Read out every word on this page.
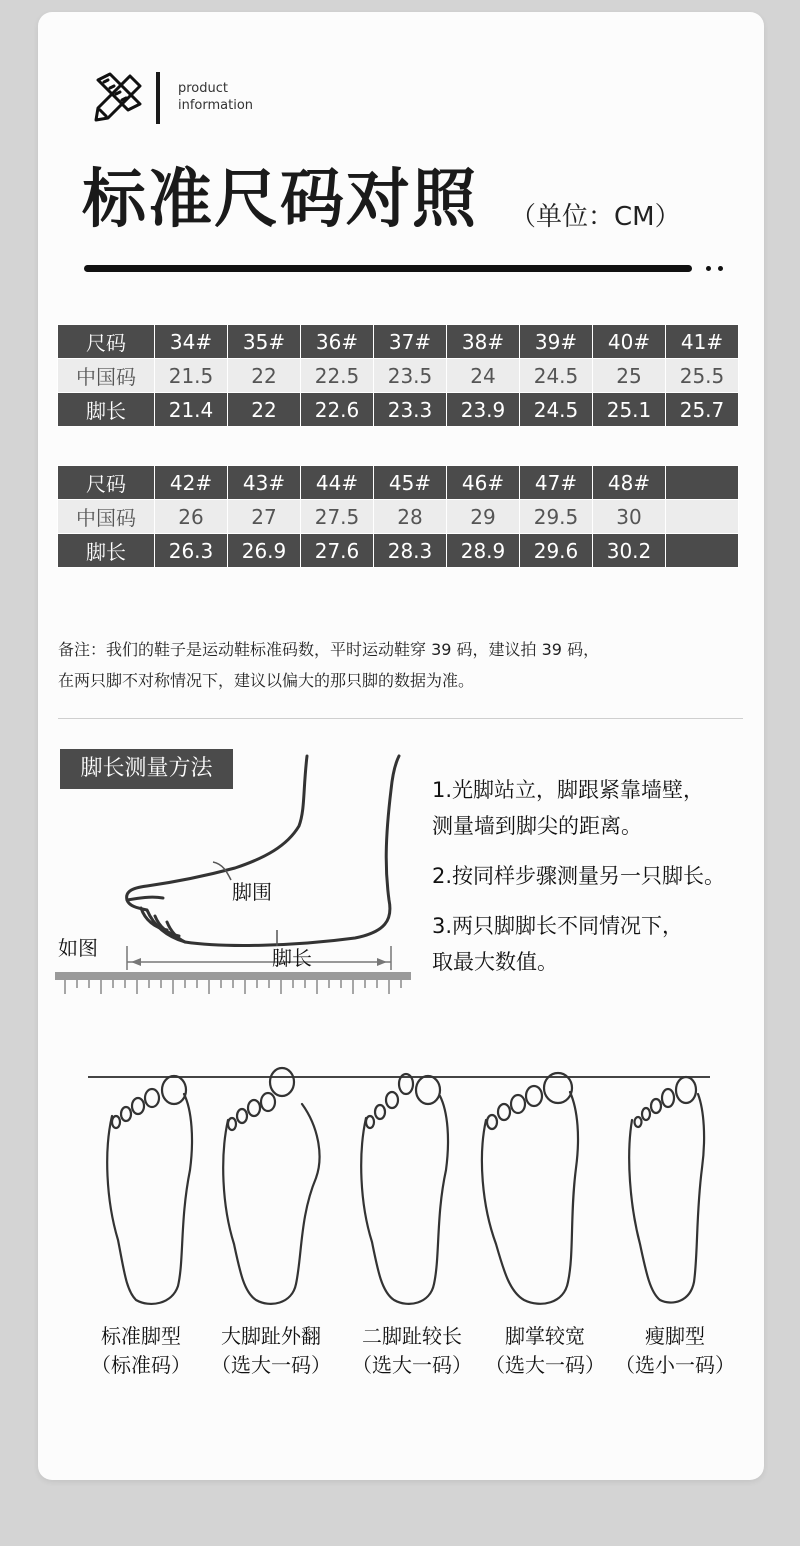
product
information
标准尺码对照 （单位：CM）
尺码	34#	35#	36#	37#	38#	39#	40#	41#
中国码	21.5	22	22.5	23.5	24	24.5	25	25.5
脚长	21.4	22	22.6	23.3	23.9	24.5	25.1	25.7
尺码	42#	43#	44#	45#	46#	47#	48#	
中国码	26	27	27.5	28	29	29.5	30	
脚长	26.3	26.9	27.6	28.3	28.9	29.6	30.2	
备注：我们的鞋子是运动鞋标准码数，平时运动鞋穿 39 码，建议拍 39 码，
在两只脚不对称情况下，建议以偏大的那只脚的数据为准。
脚长测量方法
如图
脚围
脚长
1.光脚站立，脚跟紧靠墙壁，
测量墙到脚尖的距离。
2.按同样步骤测量另一只脚长。
3.两只脚脚长不同情况下，
取最大数值。
标准脚型
（标准码）
大脚趾外翻
（选大一码）
二脚趾较长
（选大一码）
脚掌较宽
（选大一码）
瘦脚型
（选小一码）
